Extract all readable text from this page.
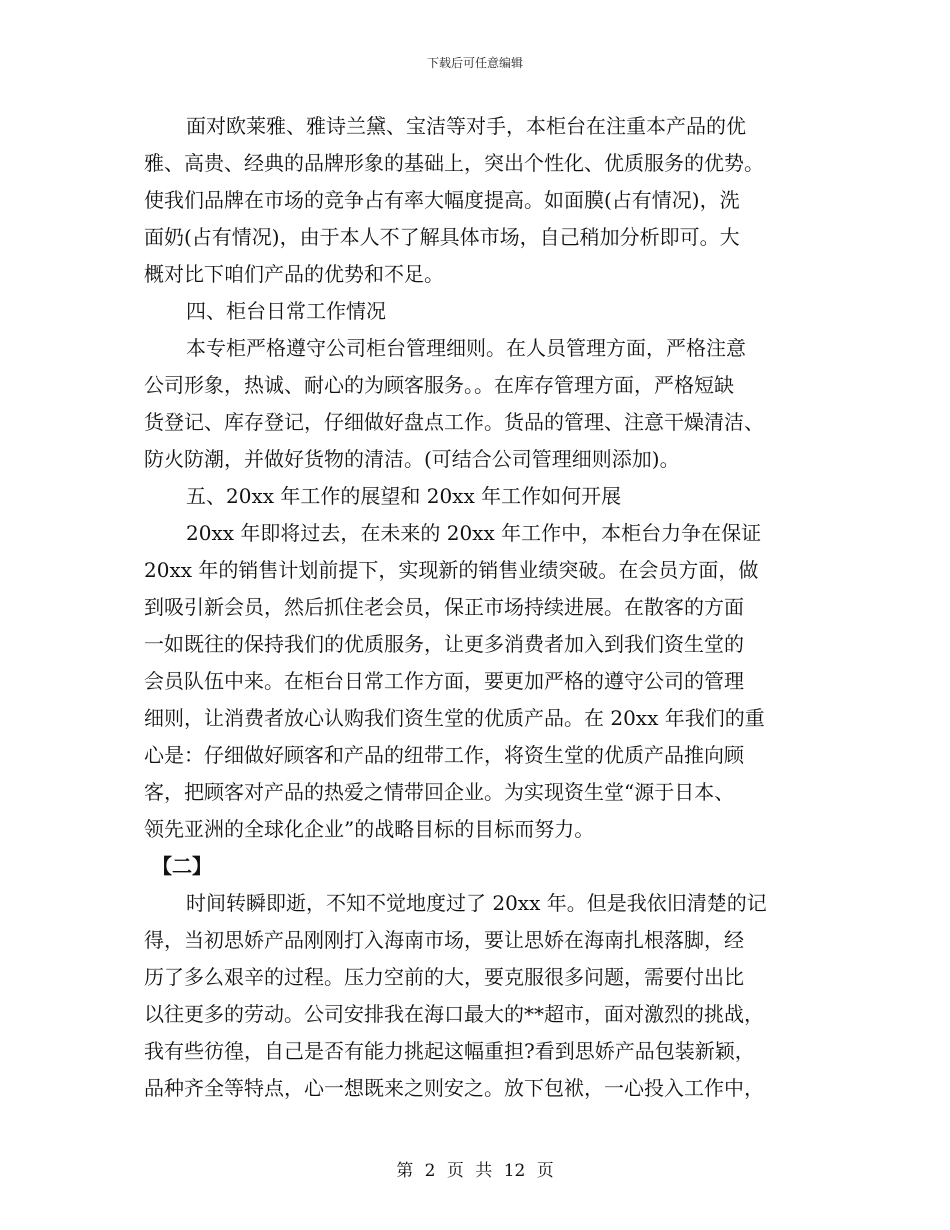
下载后可任意编辑
面对欧莱雅、雅诗兰黛、宝洁等对手，本柜台在注重本产品的优
雅、高贵、经典的品牌形象的基础上，突出个性化、优质服务的优势。
使我们品牌在市场的竞争占有率大幅度提高。如面膜(占有情况)，洗
面奶(占有情况)，由于本人不了解具体市场，自己稍加分析即可。大
概对比下咱们产品的优势和不足。
四、柜台日常工作情况
本专柜严格遵守公司柜台管理细则。在人员管理方面，严格注意
公司形象，热诚、耐心的为顾客服务。。在库存管理方面，严格短缺
货登记、库存登记，仔细做好盘点工作。货品的管理、注意干燥清洁、
防火防潮，并做好货物的清洁。(可结合公司管理细则添加)。
五、20xx 年工作的展望和 20xx 年工作如何开展
20xx 年即将过去，在未来的 20xx 年工作中，本柜台力争在保证
20xx 年的销售计划前提下，实现新的销售业绩突破。在会员方面，做
到吸引新会员，然后抓住老会员，保正市场持续进展。在散客的方面
一如既往的保持我们的优质服务，让更多消费者加入到我们资生堂的
会员队伍中来。在柜台日常工作方面，要更加严格的遵守公司的管理
细则，让消费者放心认购我们资生堂的优质产品。在 20xx 年我们的重
心是：仔细做好顾客和产品的纽带工作，将资生堂的优质产品推向顾
客，把顾客对产品的热爱之情带回企业。为实现资生堂“源于日本、
领先亚洲的全球化企业”的战略目标的目标而努力。
【二】
时间转瞬即逝，不知不觉地度过了 20xx 年。但是我依旧清楚的记
得，当初思娇产品刚刚打入海南市场，要让思娇在海南扎根落脚，经
历了多么艰辛的过程。压力空前的大，要克服很多问题，需要付出比
以往更多的劳动。公司安排我在海口最大的**超市，面对激烈的挑战，
我有些彷徨，自己是否有能力挑起这幅重担?看到思娇产品包装新颖，
品种齐全等特点，心一想既来之则安之。放下包袱，一心投入工作中，
第 2 页 共 12 页
